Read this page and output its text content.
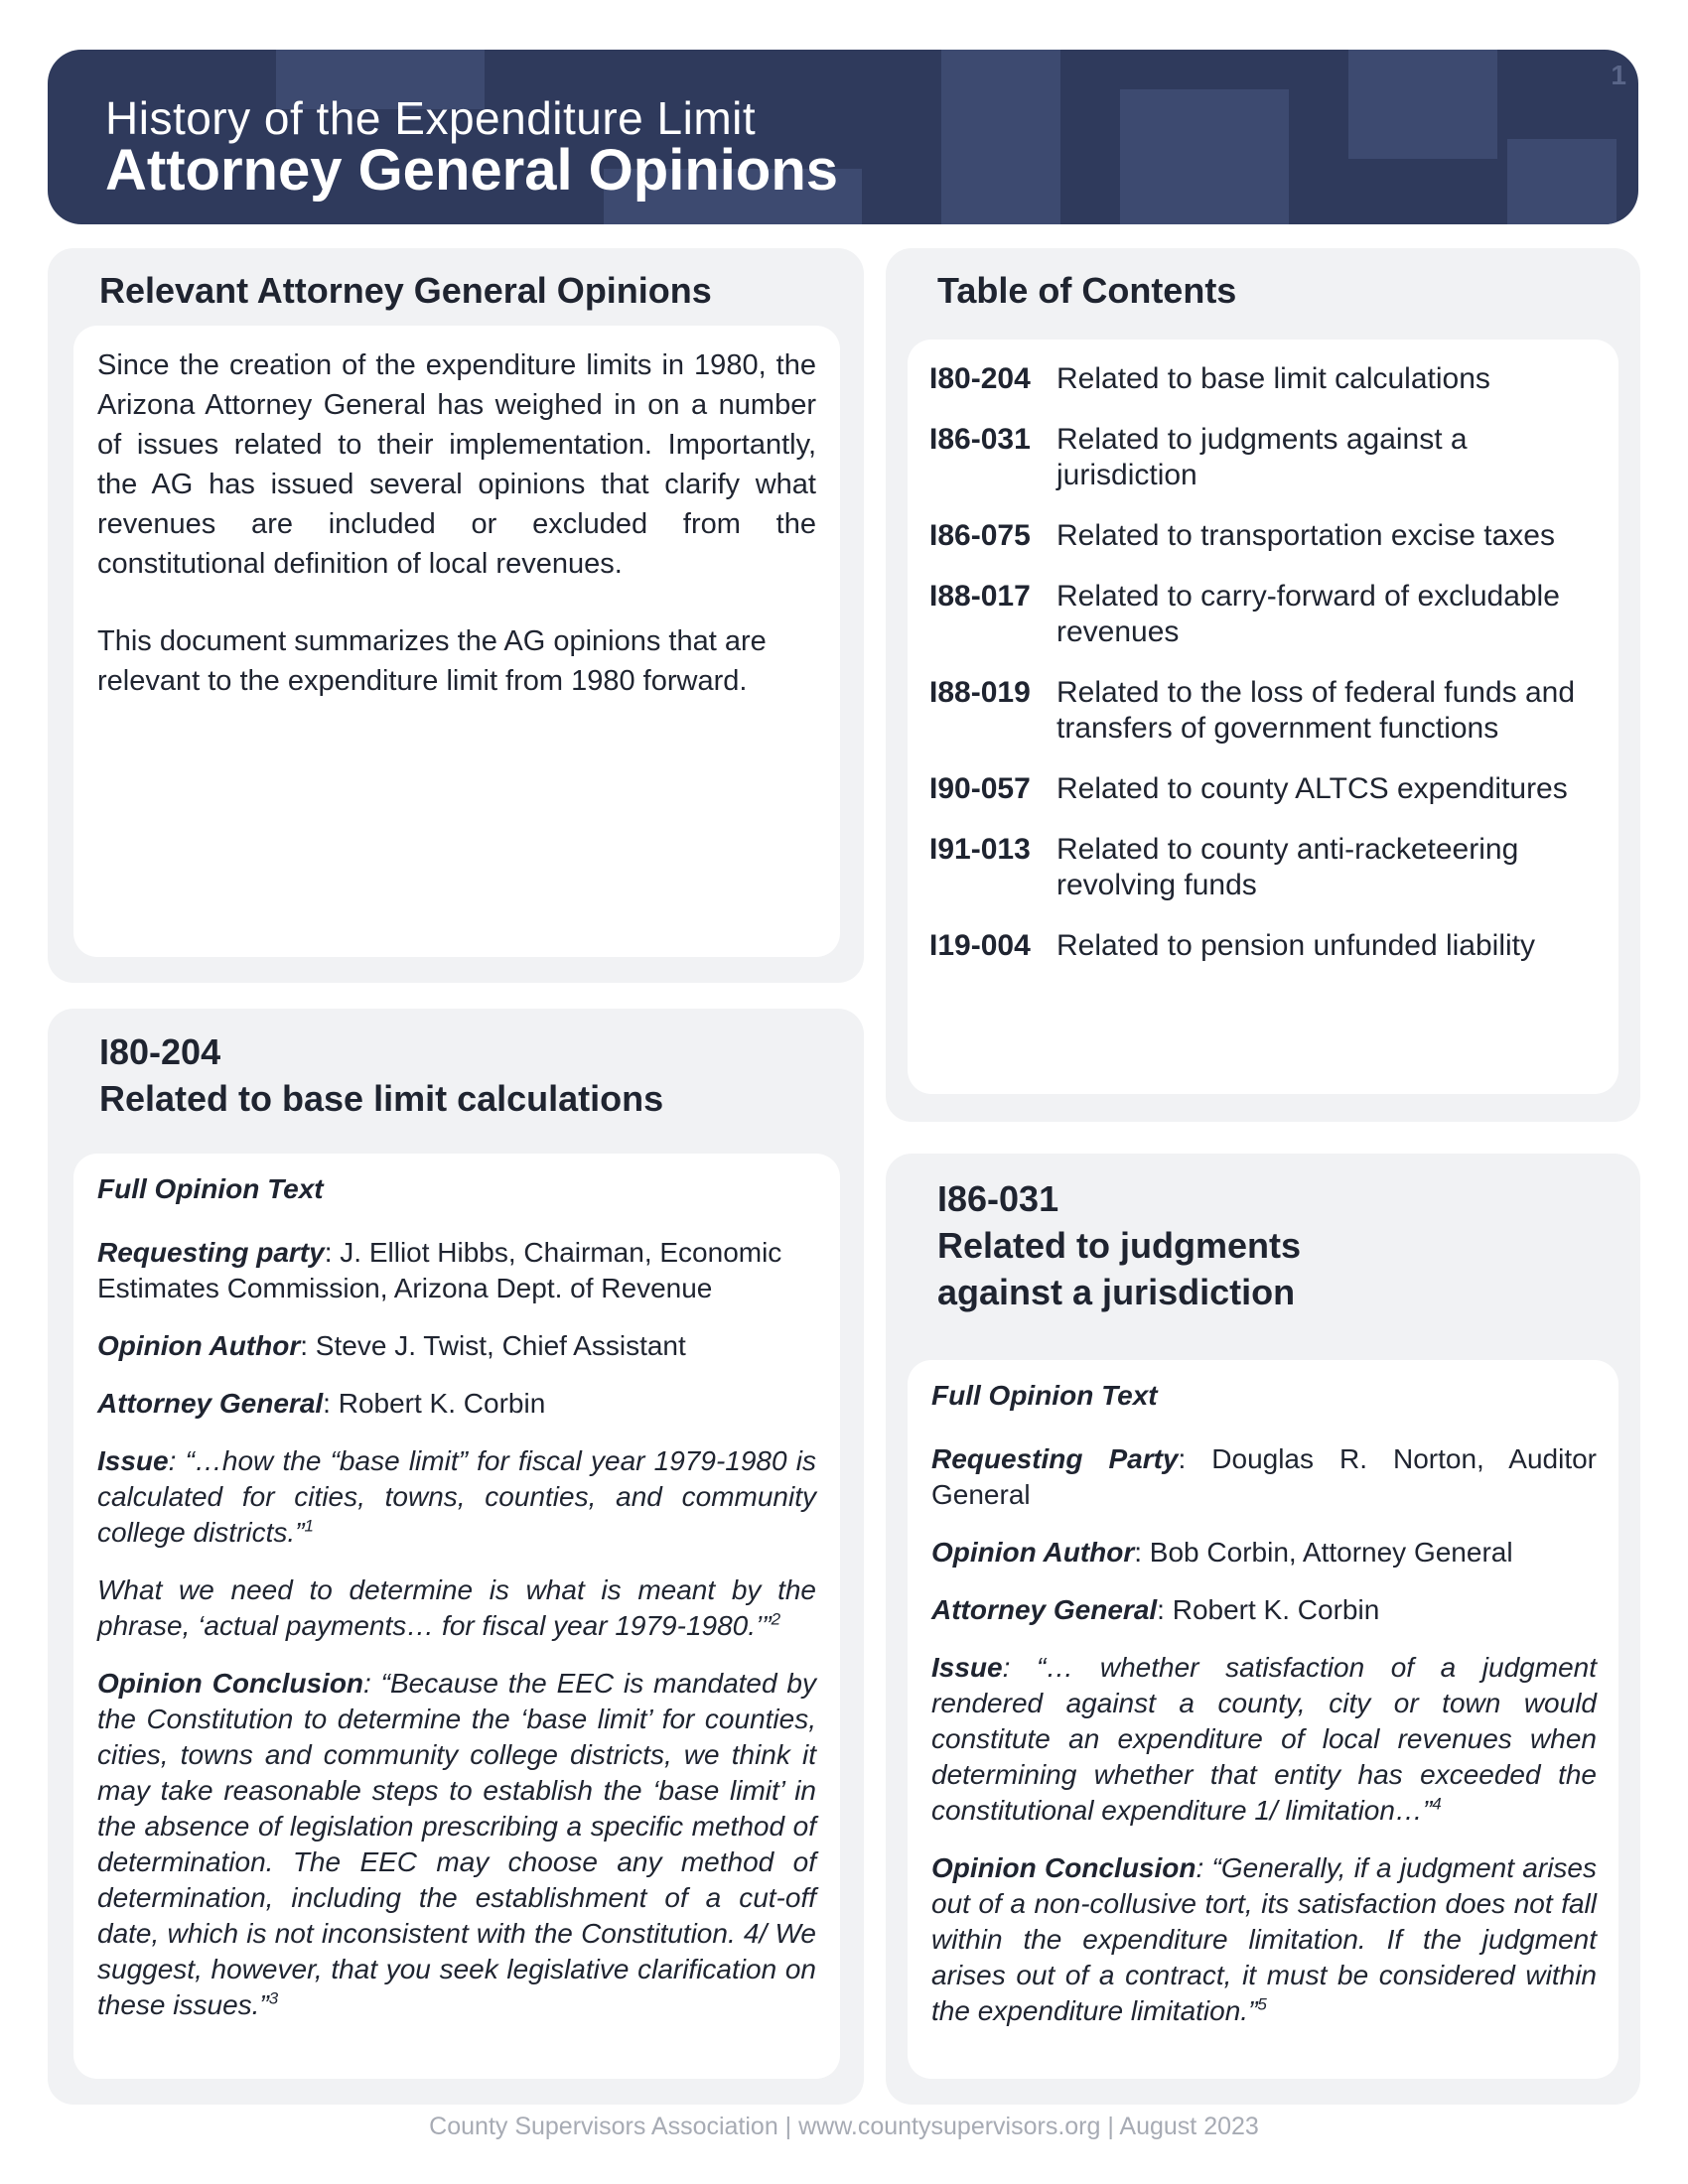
History of the Expenditure Limit
Attorney General Opinions
1
Relevant Attorney General Opinions

Since the creation of the expenditure limits in 1980, the Arizona Attorney General has weighed in on a number of issues related to their implementation. Importantly, the AG has issued several opinions that clarify what revenues are included or excluded from the constitutional definition of local revenues.

This document summarizes the AG opinions that are relevant to the expenditure limit from 1980 forward.

Table of Contents
I80-204 Related to base limit calculations
I86-031 Related to judgments against a jurisdiction
I86-075 Related to transportation excise taxes
I88-017 Related to carry-forward of excludable revenues
I88-019 Related to the loss of federal funds and transfers of government functions
I90-057 Related to county ALTCS expenditures
I91-013 Related to county anti-racketeering revolving funds
I19-004 Related to pension unfunded liability
I80-204
Related to base limit calculations
Full Opinion Text

Requesting party: J. Elliot Hibbs, Chairman, Economic Estimates Commission, Arizona Dept. of Revenue

Opinion Author: Steve J. Twist, Chief Assistant

Attorney General: Robert K. Corbin

Issue: “…how the “base limit” for fiscal year 1979-1980 is calculated for cities, towns, counties, and community college districts.”$^1$

What we need to determine is what is meant by the phrase, ‘actual payments… for fiscal year 1979-1980.’”$^2$

Opinion Conclusion: “Because the EEC is mandated by the Constitution to determine the ‘base limit’ for counties, cities, towns and community college districts, we think it may take reasonable steps to establish the ‘base limit’ in the absence of legislation prescribing a specific method of determination. The EEC may choose any method of determination, including the establishment of a cut-off date, which is not inconsistent with the Constitution. 4/ We suggest, however, that you seek legislative clarification on these issues.”$^3$

I86-031
Related to judgments
against a jurisdiction
Full Opinion Text

Requesting Party: Douglas R. Norton, Auditor General

Opinion Author: Bob Corbin, Attorney General

Attorney General: Robert K. Corbin

Issue: “… whether satisfaction of a judgment rendered against a county, city or town would constitute an expenditure of local revenues when determining whether that entity has exceeded the constitutional expenditure 1/ limitation…”$^4$

Opinion Conclusion: “Generally, if a judgment arises out of a non-collusive tort, its satisfaction does not fall within the expenditure limitation. If the judgment arises out of a contract, it must be considered within the expenditure limitation.”$^5$

County Supervisors Association | www.countysupervisors.org | August 2023
